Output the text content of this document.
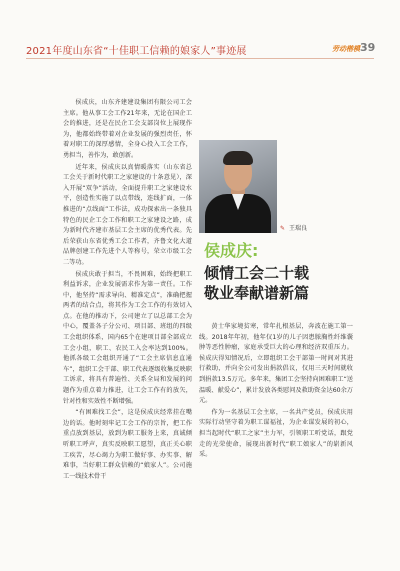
2021年度山东省“十佳职工信赖的娘家人”事迹展	劳动楷模 39

侯成庆，山东齐建建设集团有限公司工会主席。他从事工会工作21年来，无论在国企工会的推进，还是在民企工会支部岗位上展现作为，他都始终带着对企业发展的强烈责任，怀着对职工的深厚感情，全身心投入工会工作，勇担当，善作为，敢创新。

近年来，侯成庆以真情暖落实（山东省总工会关于新时代职工之家建设的十条意见），深入开展“双争”活动，全面提升职工之家建设水平，创造性实施了以点带线，连线扩面，一体推进的“点线面”工作法，成功探索出一条独具特色的民企工会工作和职工之家建设之路，成为新时代齐建市基层工会主席的优秀代表。先后荣获山东省优秀工会工作者，齐鲁文化大道品牌创建工作先进个人等称号，荣立市级工会二等功。

侯成庆敢于担当，不畏困难，始终把职工利益诉求，企业发展需求作为第一责任。工作中，他坚持“需求导向、精准定点”，准确把握两者的结合点，将其作为工会工作的有效切入点。在他的推动下，公司建立了以总部工会为中心，覆盖各子分公司、项目部、班组的四级工会组织体系，国内65个在建项目部全部成立工会小组，职工、农民工入会率达到100%。他抓各级工会组织开通了“工会主席信息直通车”，组织工会干部、职工代表逐级收集反映职工诉求，将具有普遍性、关系全局和发展的问题作为重点着力推进，让工会工作有的放矢，针对性和实效性不断增强。

“有困难找工会”，这是侯成庆经常挂在嘴边的话。他时刻牢记工会工作的宗旨，把工作重点放到基层，放到为职工服务上来，真诚倾听职工呼声，真实反映职工愿望，真正关心职工疾苦，尽心竭力为职工做好事、办实事、解难事，当好职工群众信赖的“娘家人”。公司施工一线技术骨干

✎ 王瑞良
侯成庆:
倾情工会二十载
敬业奉献谱新篇

黄士华家境贫寒，常年扎根基层，奔波在施工第一线。2018年年初，他年仅1岁的儿子因患脓胸性纤维囊肿等恶性肿瘤，家庭承受巨大的心理和经济双重压力。侯成庆得知情况后，立即组织工会干部第一时间对其进行救助，并向全公司发出捐款倡议，仅用三天时间就收到捐款13.5万元。多年来，集团工会坚持向困难职工“送温暖、献爱心”，累计发放各类慰问及救助资金达60余万元。

作为一名基层工会主席，一名共产党员，侯成庆用实际行动坚守着为职工谋福祉，为企业谋发展的初心，担当起时代“职工之家”主力军，引领职工听党话，跟党走的光荣使命，展现出新时代“职工娘家人”的崭新风采。
